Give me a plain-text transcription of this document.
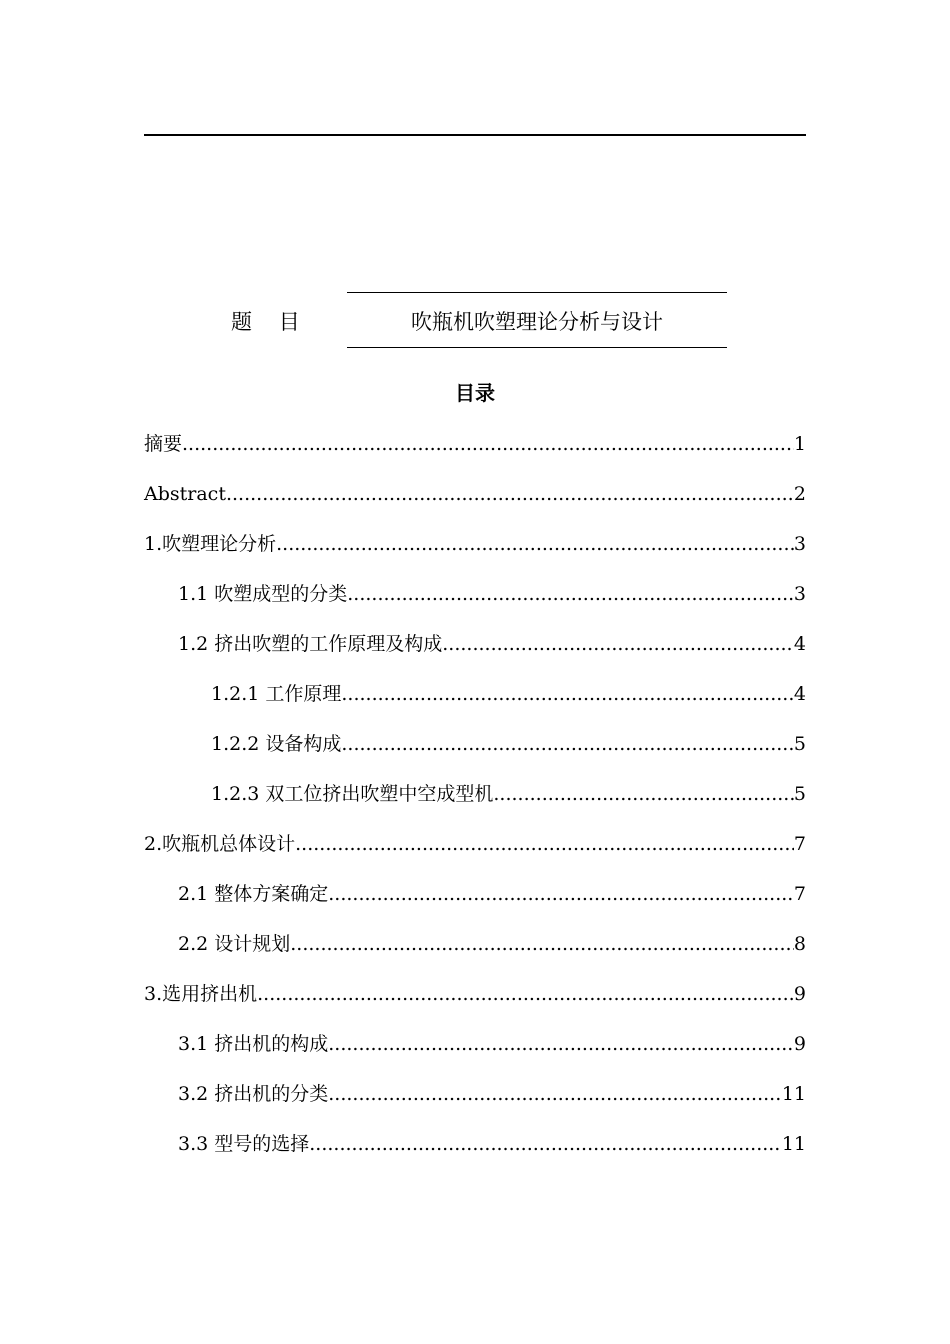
题    目	吹瓶机吹塑理论分析与设计
目录
摘要 .....	1
Abstract .....	2
1.吹塑理论分析 .....	3
1.1 吹塑成型的分类 .....	3
1.2 挤出吹塑的工作原理及构成 .....	4
1.2.1 工作原理 .....	4
1.2.2 设备构成 .....	5
1.2.3 双工位挤出吹塑中空成型机 .....	5
2.吹瓶机总体设计 .....	7
2.1 整体方案确定 .....	7
2.2 设计规划 .....	8
3.选用挤出机 .....	9
3.1 挤出机的构成 .....	9
3.2 挤出机的分类 .....	11
3.3 型号的选择 .....	11
